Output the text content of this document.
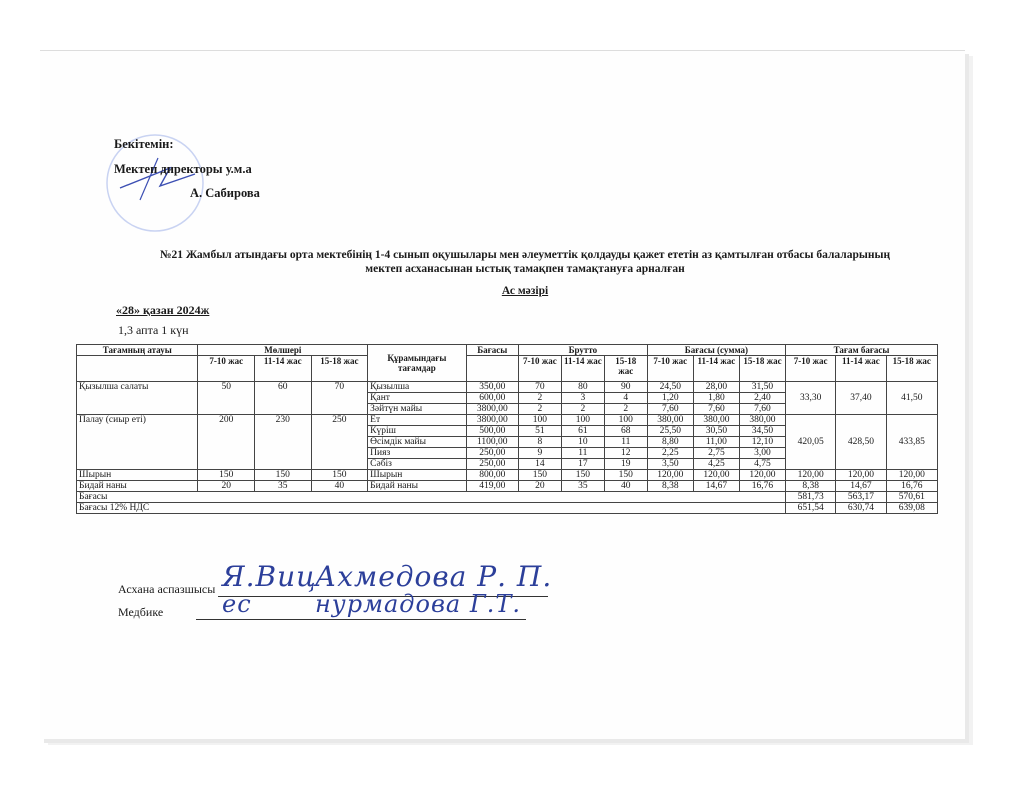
Бекітемін:
Мектеп директоры у.м.а
А. Сабирова
№21 Жамбыл атындағы орта мектебінің 1-4 сынып оқушылары мен әлеуметтік қолдауды қажет ететін аз қамтылған отбасы балаларының
мектеп асханасынан ыстық тамақпен тамақтануға арналған
Ас мәзірі
«28» қазан 2024ж
1,3 апта 1 күн
Тағамның атауы	Мөлшері			Құрамындағы тағамдар	Бағасы	Брутто			Бағасы (сумма)			Тағам бағасы		
	7-10 жас	11-14 жас	15-18 жас			7-10 жас	11-14 жас	15-18 жас	7-10 жас	11-14 жас	15-18 жас	7-10 жас	11-14 жас	15-18 жас
Қызылша салаты	50	60	70	Қызылша	350,00	70	80	90	24,50	28,00	31,50	33,30	37,40	41,50
				Қант	600,00	2	3	4	1,20	1,80	2,40			
				Зәйтүн майы	3800,00	2	2	2	7,60	7,60	7,60			
Палау (сиыр еті)	200	230	250	Ет	3800,00	100	100	100	380,00	380,00	380,00	420,05	428,50	433,85
				Күріш	500,00	51	61	68	25,50	30,50	34,50			
				Өсімдік майы	1100,00	8	10	11	8,80	11,00	12,10			
				Пияз	250,00	9	11	12	2,25	2,75	3,00			
				Сәбіз	250,00	14	17	19	3,50	4,25	4,75			
Шырын	150	150	150	Шырын	800,00	150	150	150	120,00	120,00	120,00	120,00	120,00	120,00
Бидай наны	20	35	40	Бидай наны	419,00	20	35	40	8,38	14,67	16,76	8,38	14,67	16,76
Бағасы												581,73	563,17	570,61
Бағасы 12% НДС												651,54	630,74	639,08
Асхана аспазшысы Я.Виц
Ахмедова Р. П.
Медбике ес	нурмадова Г.Т.
